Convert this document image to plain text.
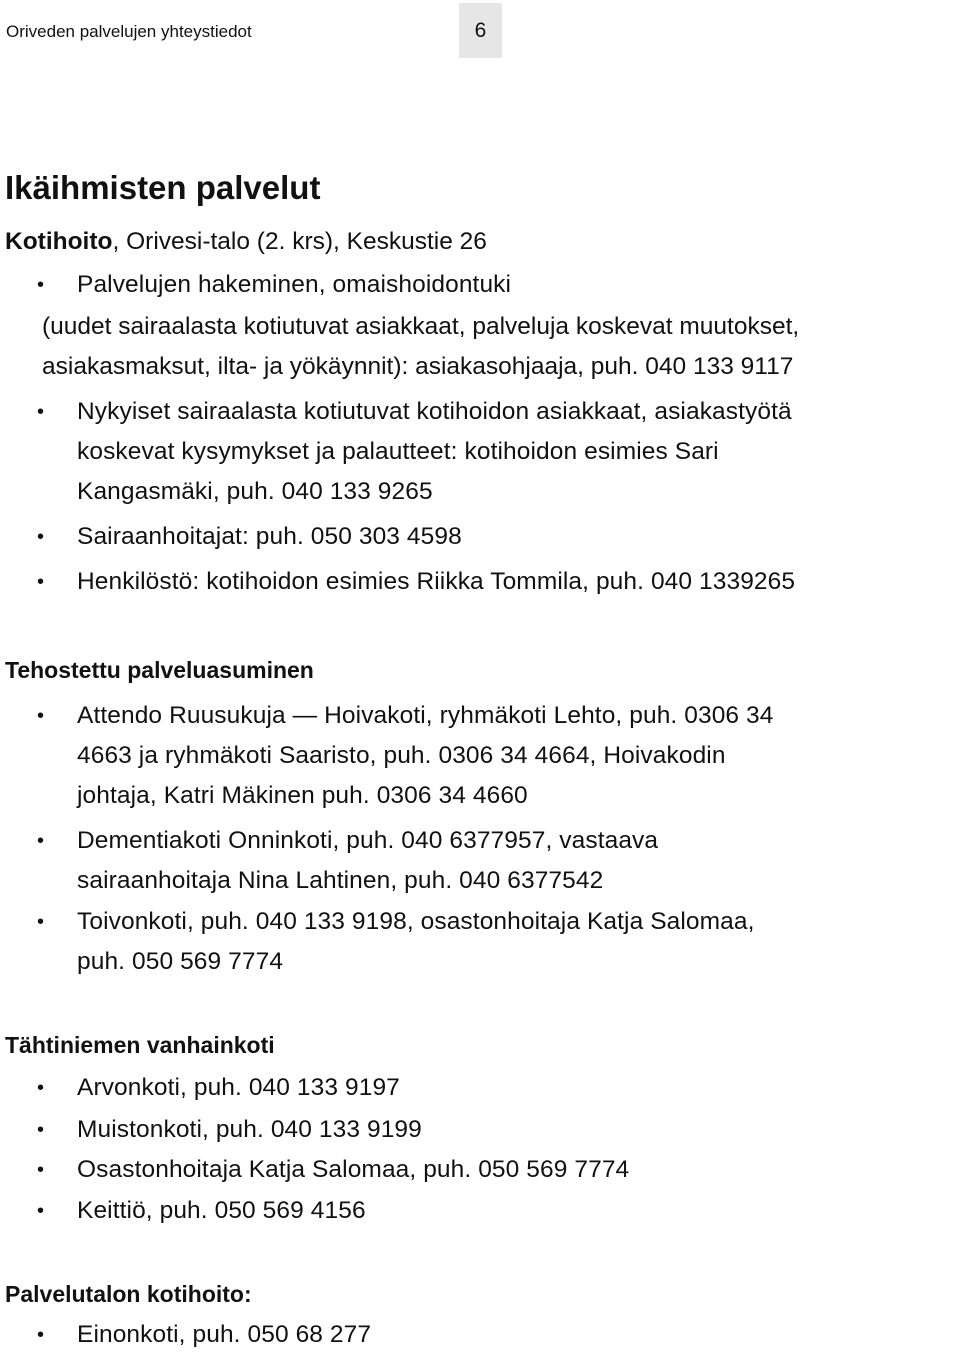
Oriveden palvelujen yhteystiedot	6
Ikäihmisten palvelut
Kotihoito, Orivesi-talo (2. krs), Keskustie 26
• Palvelujen hakeminen, omaishoidontuki
(uudet sairaalasta kotiutuvat asiakkaat, palveluja koskevat muutokset,
asiakasmaksut, ilta- ja yökäynnit): asiakasohjaaja, puh. 040 133 9117
• Nykyiset sairaalasta kotiutuvat kotihoidon asiakkaat, asiakastyötä
koskevat kysymykset ja palautteet: kotihoidon esimies Sari
Kangasmäki, puh. 040 133 9265
• Sairaanhoitajat: puh. 050 303 4598
• Henkilöstö: kotihoidon esimies Riikka Tommila, puh. 040 1339265
Tehostettu palveluasuminen
• Attendo Ruusukuja — Hoivakoti, ryhmäkoti Lehto, puh. 0306 34
4663 ja ryhmäkoti Saaristo, puh. 0306 34 4664, Hoivakodin
johtaja, Katri Mäkinen puh. 0306 34 4660
• Dementiakoti Onninkoti, puh. 040 6377957, vastaava
sairaanhoitaja Nina Lahtinen, puh. 040 6377542
• Toivonkoti, puh. 040 133 9198, osastonhoitaja Katja Salomaa,
puh. 050 569 7774
Tähtiniemen vanhainkoti
• Arvonkoti, puh. 040 133 9197
• Muistonkoti, puh. 040 133 9199
• Osastonhoitaja Katja Salomaa, puh. 050 569 7774
• Keittiö, puh. 050 569 4156
Palvelutalon kotihoito:
• Einonkoti, puh. 050 68 277
